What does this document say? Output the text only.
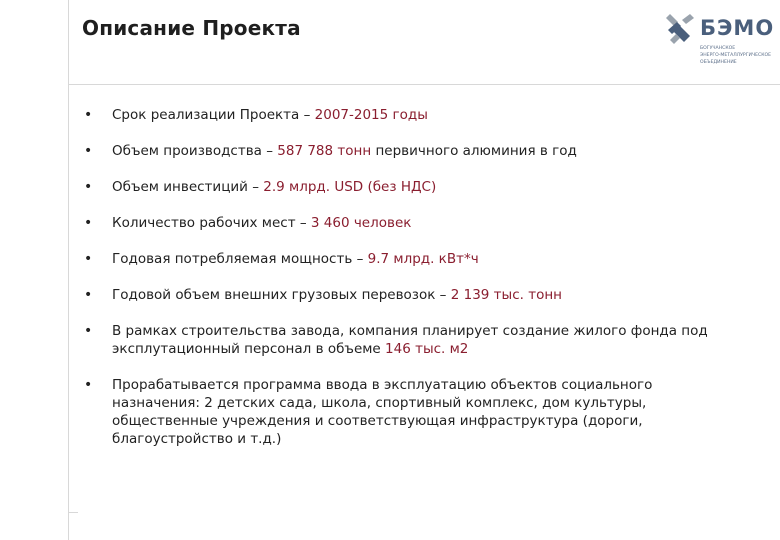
Описание Проекта	БЭМО
БОГУЧАНСКОЕ
ЭНЕРГО-МЕТАЛЛУРГИЧЕСКОЕ
ОБЪЕДИНЕНИЕ
• Срок реализации Проекта – 2007-2015 годы
• Объем производства – 587 788 тонн первичного алюминия в год
• Объем инвестиций – 2.9 млрд. USD (без НДС)
• Количество рабочих мест – 3 460 человек
• Годовая потребляемая мощность – 9.7 млрд. кВт*ч
• Годовой объем внешних грузовых перевозок – 2 139 тыс. тонн
• В рамках строительства завода, компания планирует создание жилого фонда под эксплутационный персонал в объеме 146 тыс. м2
• Прорабатывается программа ввода в эксплуатацию объектов социального назначения: 2 детских сада, школа, спортивный комплекс, дом культуры, общественные учреждения и соответствующая инфраструктура (дороги, благоустройство и т.д.)
